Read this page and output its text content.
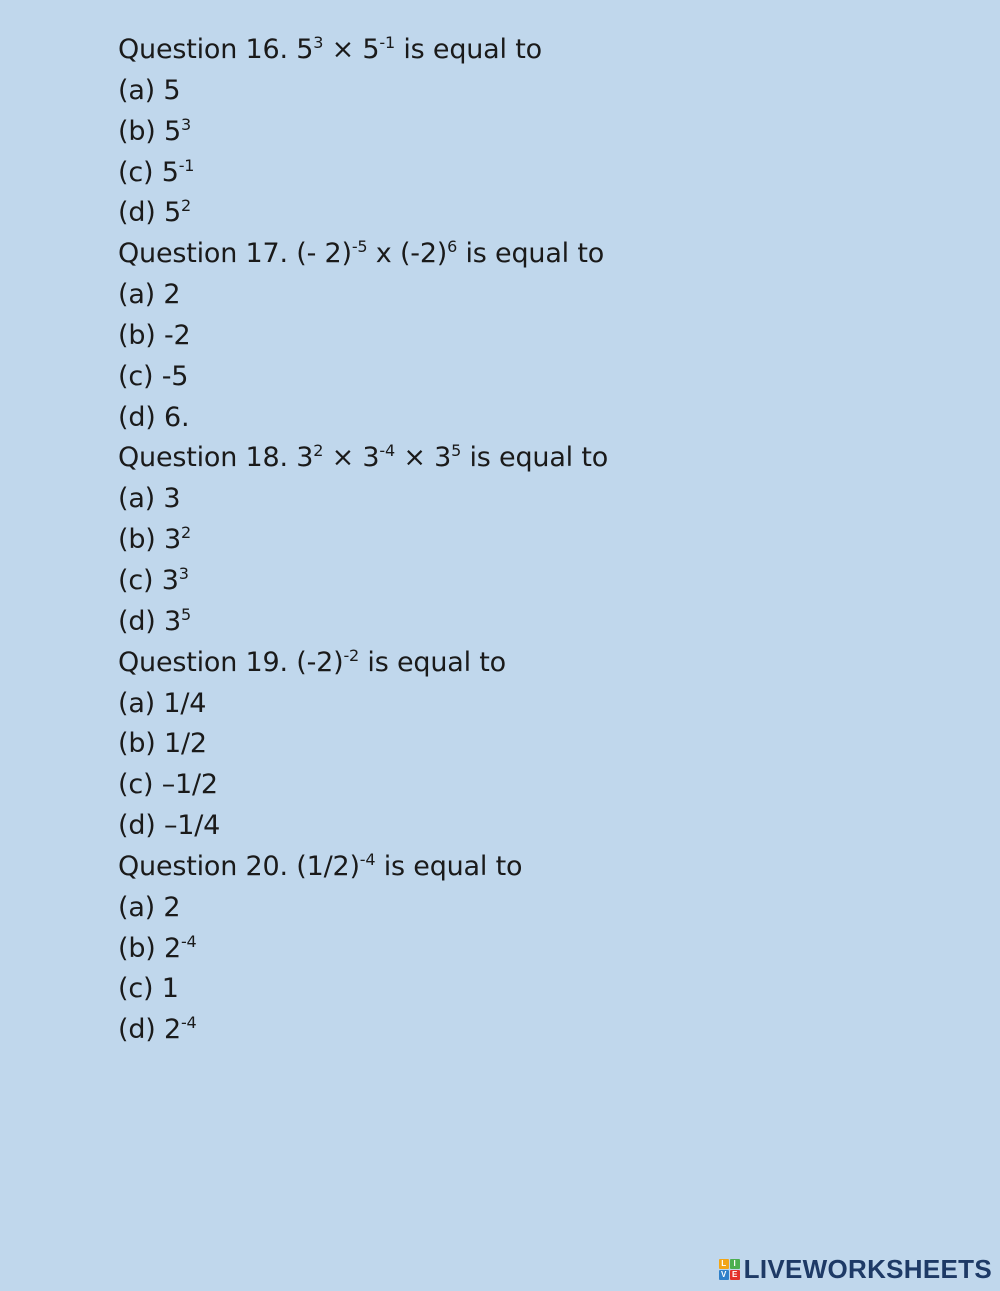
Question 16. $5^3 \times 5^{-1}$ is equal to
(a) 5
(b) $5^3$
(c) $5^{-1}$
(d) $5^2$
Question 17. (- 2)$^{-5}$ x $(-2)^6$ is equal to
(a) 2
(b) -2
(c) -5
(d) 6.
Question 18. $3^2 \times 3^{-4} \times 3^5$ is equal to
(a) 3
(b) $3^2$
(c) $3^3$
(d) $3^5$
Question 19. $(-2)^{-2}$ is equal to
(a) 1/4
(b) 1/2
(c) –1/2
(d) –1/4
Question 20. $(1/2)^{-4}$ is equal to
(a) 2
(b) $2^{-4}$
(c) 1
(d) $2^{-4}$
L I
V E LIVEWORKSHEETS
